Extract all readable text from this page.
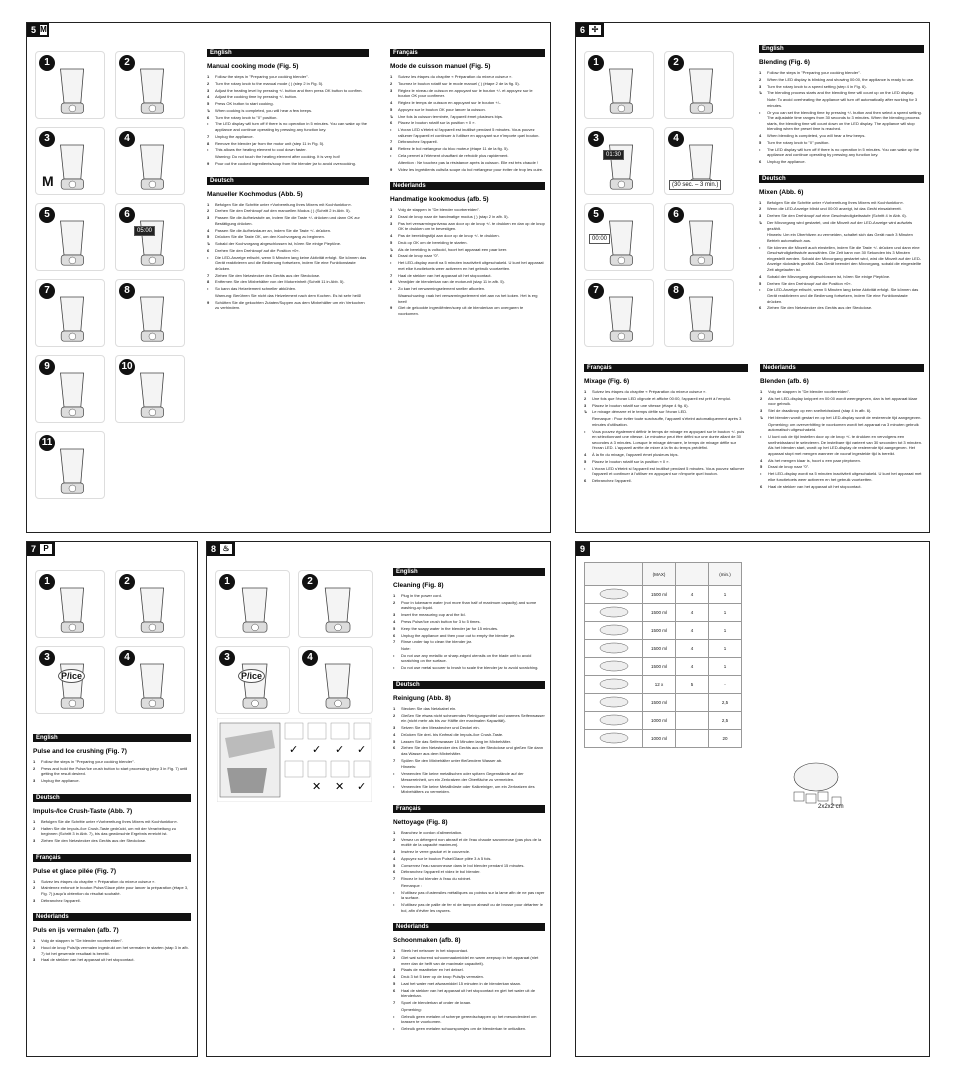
5 M
1	2
3
M
4
5	6
05:00
7	8
9	10
11
English
Manual cooking mode (Fig. 5)
1	Follow the steps in "Preparing your cooking blender".
2	Turn the rotary knob to the manual mode ( ) (step 2 in Fig. 5).
3	Adjust the heating level by pressing +/- button and then press OK button to confirm.
4	Adjust the cooking time by pressing +/- button.
5	Press OK button to start cooking.
↳	When cooking is completed, you will hear a few beeps.
6	Turn the rotary knob to "0" position.
•	The LED display will turn off if there is no operation in 5 minutes. You can wake up the appliance and continue operating by pressing any function key.
7	Unplug the appliance.
8	Remove the blender jar from the motor unit (step 11 in Fig. 5).
•	This allows the heating element to cool down faster.
Warning: Do not touch the heating element after cooking. It is very hot!
9	Pour out the cooked ingredients/soup from the blender jar to avoid overcooking.
Deutsch
Manueller Kochmodus (Abb. 5)
1	Befolgen Sie die Schritte unter »Vorbereitung Ihres Mixers mit Kochfunktion«.
2	Drehen Sie den Drehknopf auf den manuellen Modus ( ) (Schritt 2 in Abb. 5).
3	Passen Sie die Aufheizstufe an, indem Sie die Taste +/- drücken und dann OK zur Bestätigung drücken.
4	Passen Sie die Aufheizdauer an, indem Sie die Taste +/- drücken.
5	Drücken Sie die Taste OK, um den Kochvorgang zu beginnen.
↳	Sobald der Kochvorgang abgeschlossen ist, hören Sie einige Pieptöne.
6	Drehen Sie den Drehknopf auf die Position »0«.
•	Die LED-Anzeige erlischt, wenn 5 Minuten lang keine Aktivität erfolgt. Sie können das Gerät reaktivieren und die Bedienung fortsetzen, indem Sie eine Funktionstaste drücken.
7	Ziehen Sie den Netzstecker des Geräts aus der Steckdose.
8	Entfernen Sie den Mixbehälter von der Motoreinheit (Schritt 11 in Abb. 5).
•	So kann das Heizelement schneller abkühlen.
Warnung: Berühren Sie nicht das Heizelement nach dem Kochen. Es ist sehr heiß!
9	Schütten Sie die gekochten Zutaten/Suppen aus dem Mixbehälter um ein Verkochen zu verhindern.
Français
Mode de cuisson manuel (Fig. 5)
1	Suivez les étapes du chapitre « Préparation du mixeur cuiseur ».
2	Tournez le bouton rotatif sur le mode manuel ( ) (étape 2 de la fig. 5).
3	Réglez le niveau de cuisson en appuyant sur le bouton +/- et appuyez sur le bouton OK pour confirmer.
4	Réglez le temps de cuisson en appuyant sur le bouton +/-.
5	Appuyez sur le bouton OK pour lancer la cuisson.
↳	Une fois la cuisson terminée, l'appareil émet plusieurs bips.
6	Placez le bouton rotatif sur la position « 0 ».
•	L'écran LED s'éteint si l'appareil est inutilisé pendant 5 minutes. Vous pouvez rallumer l'appareil et continuer à l'utiliser en appuyant sur n'importe quel bouton.
7	Débranchez l'appareil.
8	Retirez le bol mélangeur du bloc moteur (étape 11 de la fig. 5).
•	Cela permet à l'élément chauffant de refroidir plus rapidement.
Attention : Ne touchez pas la résistance après la cuisson. Elle est très chaude !
9	Videz les ingrédients cuits/la soupe du bol mélangeur pour éviter de trop les cuire.
Nederlands
Handmatige kookmodus (afb. 5)
1	Volg de stappen in "De blender voorbereiden".
2	Draai de knop naar de handmatige modus ( ) (stap 2 in afb. 5).
3	Pas het verwarmingsniveau aan door op de knop +/- te drukken en dan op de knop OK te drukken om te bevestigen.
4	Pas de bereidingstijd aan door op de knop +/- te drukken.
5	Druk op OK om de bereiding te starten.
↳	Als de bereiding is voltooid, hoort het apparaat een paar keer.
6	Draai de knop naar "0".
•	Het LED-display wordt na 5 minuten inactiviteit uitgeschakeld. U kunt het apparaat met elke functietoets weer activeren en het gebruik voortzetten.
7	Haal de stekker van het apparaat uit het stopcontact.
8	Verwijder de blenderkan van de motorunit (stap 11 in afb. 5).
•	Zo kan het verwarmingselement sneller afkoelen.
Waarschuwing: raak het verwarmingselement niet aan na het koken. Het is erg heet!
9	Giet de gekookte ingrediënten/soep uit de blenderkan om overgaren te voorkomen.
6 ✢
1	2
3
01:30
4
(30 sec. – 3 min.)
5
00:00
6
7	8
English
Blending (Fig. 6)
1	Follow the steps in "Preparing your cooking blender".
2	When the LED display is blinking and showing 00:00, the appliance is ready to use.
3	Turn the rotary knob to a speed setting (step 4 in Fig. 6).
↳	The blending process starts and the blending time will count up on the LED display.
Note: To avoid overheating the appliance will turn off automatically after working for 3 minutes.
•	Or you can set the blending time by pressing +/- button and then select a speed setting. The adjustable time ranges from 30 seconds to 3 minutes. When the blending process starts, the blending time will count down on the LED display. The appliance will stop blending when the preset time is reached.
4	When blending is completed, you will hear a few beeps.
5	Turn the rotary knob to "0" position.
•	The LED display will turn off if there is no operation in 5 minutes. You can wake up the appliance and continue operating by pressing any function key.
6	Unplug the appliance.
Deutsch
Mixen (Abb. 6)
1	Befolgen Sie die Schritte unter »Vorbereitung Ihres Mixers mit Kochfunktion«.
2	Wenn die LED-Anzeige blinkt und 00:00 anzeigt, ist das Gerät einsatzbereit.
3	Drehen Sie den Drehknopf auf eine Geschwindigkeitsstufe (Schritt 4 in Abb. 6).
↳	Der Mixvorgang wird gestartet, und die Mixzeit auf der LED-Anzeige wird aufwärts gezählt.
Hinweis: Um ein Überhitzen zu vermeiden, schaltet sich das Gerät nach 3 Minuten Betrieb automatisch aus.
•	Sie können die Mixzeit auch einstellen, indem Sie die Taste +/- drücken und dann eine Geschwindigkeitsstufe auswählen. Die Zeit kann von 30 Sekunden bis 3 Minuten eingestellt werden. Sobald der Mixvorgang gestartet wird, wird die Mixzeit auf der LED-Anzeige rückwärts gezählt. Das Gerät beendet den Mixvorgang, sobald die eingestellte Zeit abgelaufen ist.
4	Sobald der Mixvorgang abgeschlossen ist, hören Sie einige Pieptöne.
5	Drehen Sie den Drehknopf auf die Position »0«.
•	Die LED-Anzeige erlischt, wenn 5 Minuten lang keine Aktivität erfolgt. Sie können das Gerät reaktivieren und die Bedienung fortsetzen, indem Sie eine Funktionstaste drücken.
6	Ziehen Sie den Netzstecker des Geräts aus der Steckdose.
Français
Mixage (Fig. 6)
1	Suivez les étapes du chapitre « Préparation du mixeur cuiseur ».
2	Une fois que l'écran LED clignote et affiche 00:00, l'appareil est prêt à l'emploi.
3	Placez le bouton rotatif sur une vitesse (étape 4 fig. 6).
↳	Le mixage démarre et le temps défile sur l'écran LED.
Remarque : Pour éviter toute surchauffe, l'appareil s'éteint automatiquement après 3 minutes d'utilisation.
•	Vous pouvez également définir le temps de mixage en appuyant sur le bouton +/- puis en sélectionnant une vitesse. Le minuteur peut être défini sur une durée allant de 30 secondes à 3 minutes. Lorsque le mixage démarre, le temps de mixage défile sur l'écran LED. L'appareil arrête de mixer à la fin du temps prédéfini.
4	À la fin du mixage, l'appareil émet plusieurs bips.
5	Placez le bouton rotatif sur la position « 0 ».
•	L'écran LED s'éteint si l'appareil est inutilisé pendant 5 minutes. Vous pouvez rallumer l'appareil et continuer à l'utiliser en appuyant sur n'importe quel bouton.
6	Débranchez l'appareil.
Nederlands
Blenden (afb. 6)
1	Volg de stappen in "De blender voorbereiden".
2	Als het LED-display knippert en 00:00 wordt weergegeven, dan is het apparaat klaar voor gebruik.
3	Stel de draaiknop op een snelheidsstand (stap 4 in afb. 6).
↳	Het blenden wordt gestart en op het LED-display wordt de resterende tijd aangegeven.
Opmerking: om oververhitting te voorkomen wordt het apparaat na 3 minuten gebruik automatisch uitgeschakeld.
•	U kunt ook de tijd instellen door op de knop +/- te drukken en vervolgens een snelheidsstand te selecteren. De instelbare tijd varieert van 30 seconden tot 3 minuten. Als het blenden start, wordt op het LED-display de resterende tijd aangegeven. Het apparaat stopt met mengen wanneer de vooraf ingestelde tijd is bereikt.
4	Als het mengen klaar is, hoort u een paar pieptonen.
5	Draai de knop naar "0".
•	Het LED-display wordt na 5 minuten inactiviteit uitgeschakeld. U kunt het apparaat met elke functietoets weer activeren en het gebruik voortzetten.
6	Haal de stekker van het apparaat uit het stopcontact.
7 P
1	2
3
P/ice
4
English
Pulse and Ice crushing (Fig. 7)
1	Follow the steps in "Preparing your cooking blender".
2	Press and hold the Pulse/Ice crush button to start processing (step 3 in Fig. 7) until getting the result desired.
3	Unplug the appliance.
Deutsch
Impuls-/Ice Crush-Taste (Abb. 7)
1	Befolgen Sie die Schritte unter »Vorbereitung Ihres Mixers mit Kochfunktion«.
2	Halten Sie die Impuls-/Ice Crush-Taste gedrückt, um mit der Verarbeitung zu beginnen (Schritt 3 in Abb. 7), bis das gewünschte Ergebnis erreicht ist.
3	Ziehen Sie den Netzstecker des Geräts aus der Steckdose.
Français
Pulse et glace pilée (Fig. 7)
1	Suivez les étapes du chapitre « Préparation du mixeur cuiseur ».
2	Maintenez enfoncé le bouton Pulse/Glace pilée pour lancer la préparation (étape 3, Fig. 7) jusqu'à obtention du résultat souhaité.
3	Débranchez l'appareil.
Nederlands
Puls en ijs vermalen (afb. 7)
1	Volg de stappen in "De blender voorbereiden".
2	Houd de knop Puls/ijs vermalen ingedrukt om het vermalen te starten (stap 3 in afb. 7) tot het gewenste resultaat is bereikt.
3	Haal de stekker van het apparaat uit het stopcontact.
8 ♨
1	2
3
P/ice
4
✓ ✓ ✓ ✓
✕ ✕ ✓
English
Cleaning (Fig. 8)
1	Plug in the power cord.
2	Pour in lukewarm water (not more than half of maximum capacity) and some washing-up liquid.
3	Insert the measuring cup and the lid.
4	Press Pulse/Ice crush button for 3 to 5 times.
5	Keep the soapy water in the blender jar for 15 minutes.
6	Unplug the appliance and then pour out to empty the blender jar.
7	Rinse under tap to clean the blender jar.
Note:
•	Do not use any metallic or sharp-edged utensils on the blade unit to avoid scratching on the surface.
•	Do not use metal scourer to brush to scale the blender jar to avoid scratching.
Deutsch
Reinigung (Abb. 8)
1	Stecken Sie das Netzkabel ein.
2	Gießen Sie etwas nicht scheuerndes Reinigungsmittel und warmes Seifenwasser ein (nicht mehr als bis zur Hälfte der maximalen Kapazität).
3	Setzen Sie den Messbecher und Deckel ein.
4	Drücken Sie drei- bis fünfmal die Impuls-/Ice Crush-Taste.
5	Lassen Sie das Seifenwasser 15 Minuten lang im Mixbehälter.
6	Ziehen Sie den Netzstecker des Geräts aus der Steckdose und gießen Sie dann das Wasser aus dem Mixbehälter.
7	Spülen Sie den Mixbehälter unter fließendem Wasser ab.
Hinweis:
•	Verwenden Sie keine metallischen oder spitzen Gegenstände auf der Messereinheit, um ein Zerkratzen der Oberfläche zu vermeiden.
•	Verwenden Sie keine Metallbürste oder Kalkreiniger, um ein Zerkratzen des Mixbehälters zu vermeiden.
Français
Nettoyage (Fig. 8)
1	Branchez le cordon d'alimentation.
2	Versez un détergent non abrasif et de l'eau chaude savonneuse (pas plus de la moitié de la capacité maximum).
3	Insérez le verre gradué et le couvercle.
4	Appuyez sur le bouton Pulse/Glace pilée 3 à 5 fois.
5	Conservez l'eau savonneuse dans le bol blender pendant 15 minutes.
6	Débranchez l'appareil et videz le bol blender.
7	Rincez le bol blender à l'eau du robinet.
Remarque :
•	N'utilisez pas d'ustensiles métalliques ou pointus sur la lame afin de ne pas rayer la surface.
•	N'utilisez pas de paille de fer ni de tampon abrasif ou de brosse pour détartrer le bol, afin d'éviter les rayures.
Nederlands
Schoonmaken (afb. 8)
1	Steek het netsnoer in het stopcontact.
2	Giet wat schurend schoonmaakmiddel en warm zeepsop in het apparaat (niet meer dan de helft van de maximale capaciteit).
3	Plaats de maatbeker en het deksel.
4	Druk 3 tot 5 keer op de knop Puls/ijs vermalen.
5	Laat het water met afwasmiddel 15 minuten in de blenderkan staan.
6	Haal de stekker van het apparaat uit het stopcontact en giet het water uit de blenderkan.
7	Spoel de blenderkan af onder de kraan.
Opmerking:
•	Gebruik geen metalen of scherpe gereedschappen op het mesonderdeel om krassen te voorkomen.
•	Gebruik geen metalen schuursponsjes om de blenderkan te ontkalken.
9
	(MAX)		(min.)
	1500 ml	4	1
	1500 ml	4	1
	1500 ml	4	1
	1500 ml	4	1
	1500 ml	4	1
	12 x	5	-
	1500 ml		2,5
	1000 ml		2,5
	1000 ml		20
2x2x2 cm
